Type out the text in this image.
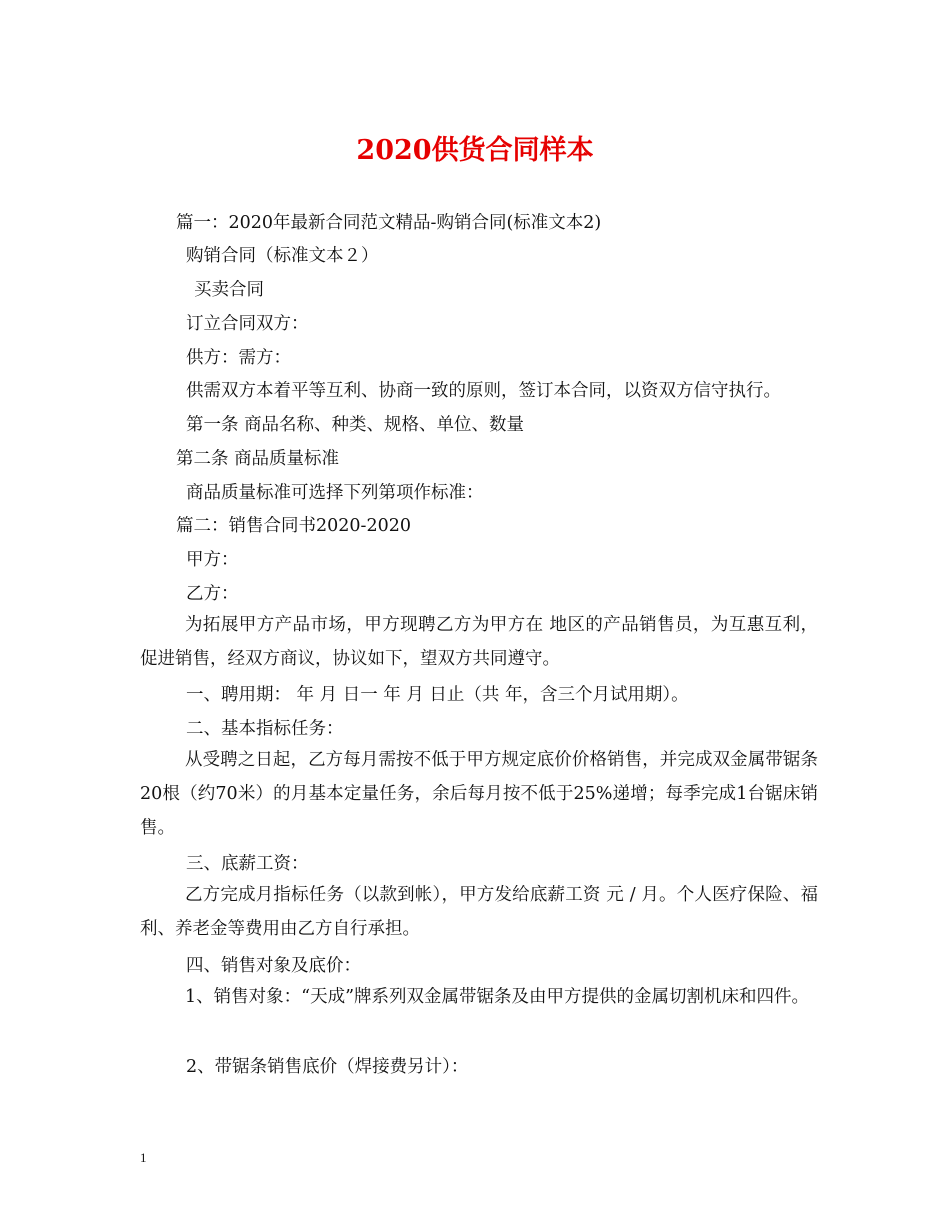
2020供货合同样本
篇一：2020年最新合同范文精品-购销合同(标准文本2)
购销合同（标准文本２）
买卖合同
订立合同双方：
供方：需方：
供需双方本着平等互利、协商一致的原则，签订本合同，以资双方信守执行。
第一条 商品名称、种类、规格、单位、数量
第二条 商品质量标准
商品质量标准可选择下列第项作标准：
篇二：销售合同书2020-2020
甲方：
乙方：
为拓展甲方产品市场，甲方现聘乙方为甲方在 地区的产品销售员，为互惠互利，促进销售，经双方商议，协议如下，望双方共同遵守。
一、聘用期： 年 月 日一 年 月 日止（共 年，含三个月试用期）。
二、基本指标任务：
从受聘之日起，乙方每月需按不低于甲方规定底价价格销售，并完成双金属带锯条20根（约70米）的月基本定量任务，余后每月按不低于25%递增；每季完成1台锯床销售。
三、底薪工资：
乙方完成月指标任务（以款到帐），甲方发给底薪工资 元 / 月。个人医疗保险、福利、养老金等费用由乙方自行承担。
四、销售对象及底价：
1、销售对象：“天成”牌系列双金属带锯条及由甲方提供的金属切割机床和四件。
2、带锯条销售底价（焊接费另计）：
1
